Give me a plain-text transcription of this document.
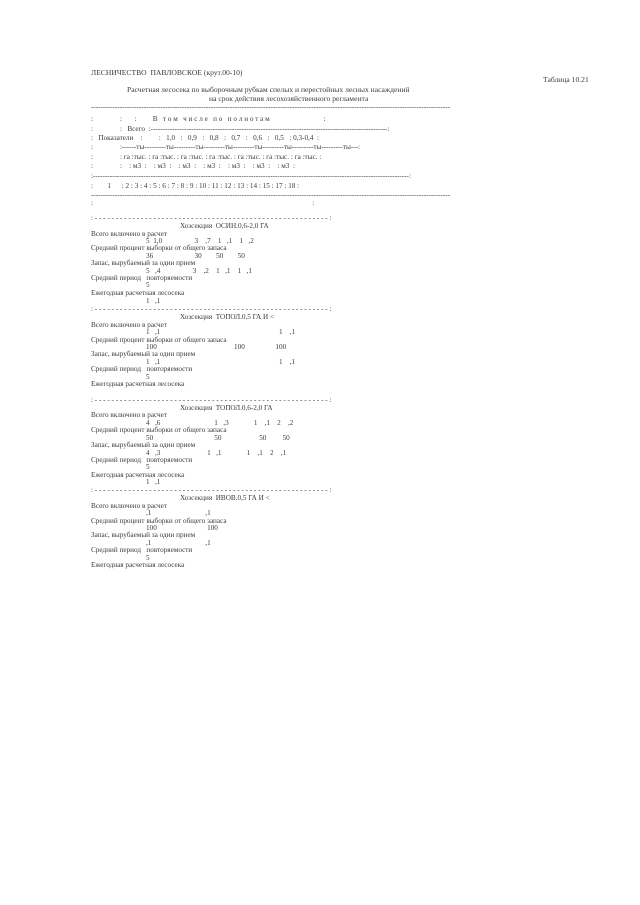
ЛЕСНИЧЕСТВО  ПАВЛОВСКОЕ (крут.00-10)
Таблица 10.21
Расчетная лесосека по выборочным рубкам спелых и перестойных лесных насаждений
на срок действия лесохозяйственного регламента
------------------------------------------------------------------------------------------------------------------------------------------------------
:               :       :         В   т о м   ч и с л е   п о   п о л н о т а м                              :
:               :   Всего  :---------------------------------------------------------------------------------------------------:
:   Показатели    :         :   1,0   :   0,9   :   0,8   :   0,7   :   0,6   :   0,5   : 0,3-0,4  :
:               :------ты---------ты---------ты---------ты---------ты---------ты---------ты---------ты---:
:               : га :тыс. : га :тыс. : га :тыс. : га :тыс. : га :тыс. : га :тыс. : га :тыс. :
:               :    : м3  :    : м3  :    : м3  :    : м3  :    : м3  :    : м3  :    : м3  :
:------------------------------------------------------------------------------------------------------------------------------------:
:        1      : 2 : 3 : 4 : 5 : 6 : 7 : 8 : 9 : 10 : 11 : 12 : 13 : 14 : 15 : 17 : 18 :
------------------------------------------------------------------------------------------------------------------------------------------------------
:                                                                                                                          :
: - - - - - - - - - - - - - - - - - - - - - - - - - - - - - - - - - - - - - - - - - - - - - - - - - - - - - - - - :
Хозсекция  ОСИН.0,6-2,0 ГА
Всего включено в расчет
5  1,0                  3    ,7    1   ,1    1   ,2
Средний процент выборки от общего запаса
36                       30        50        50
Запас, вырубаемый за один прием
5   ,4                  3    ,2    1   ,1    1   ,1
Средний период   повторяемости
5
Ежегодная расчетная лесосека
1   ,1
: - - - - - - - - - - - - - - - - - - - - - - - - - - - - - - - - - - - - - - - - - - - - - - - - - - - - - - - - :
Хозсекция  ТОПОЛ.0,5 ГА И <
Всего включено в расчет
1   ,1                                                                  1    ,1
Средний процент выборки от общего запаса
100                                           100                 100
Запас, вырубаемый за один прием
1   ,1                                                                  1    ,1
Средний период   повторяемости
5
Ежегодная расчетная лесосека
: - - - - - - - - - - - - - - - - - - - - - - - - - - - - - - - - - - - - - - - - - - - - - - - - - - - - - - - - :
Хозсекция  ТОПОЛ.0,6-2,0 ГА
Всего включено в расчет
4   ,6                              1   ,3              1    ,1    2    ,2
Средний процент выборки от общего запаса
50                                  50                     50         50
Запас, вырубаемый за один прием
4   ,3                          1   ,1              1    ,1    2    ,1
Средний период   повторяемости
5
Ежегодная расчетная лесосека
1   ,1
: - - - - - - - - - - - - - - - - - - - - - - - - - - - - - - - - - - - - - - - - - - - - - - - - - - - - - - - - :
Хозсекция  ИВОВ.0,5 ГА И <
Всего включено в расчет
,1                              ,1
Средний процент выборки от общего запаса
100                            100
Запас, вырубаемый за один прием
,1                              ,1
Средний период   повторяемости
5
Ежегодная расчетная лесосека
